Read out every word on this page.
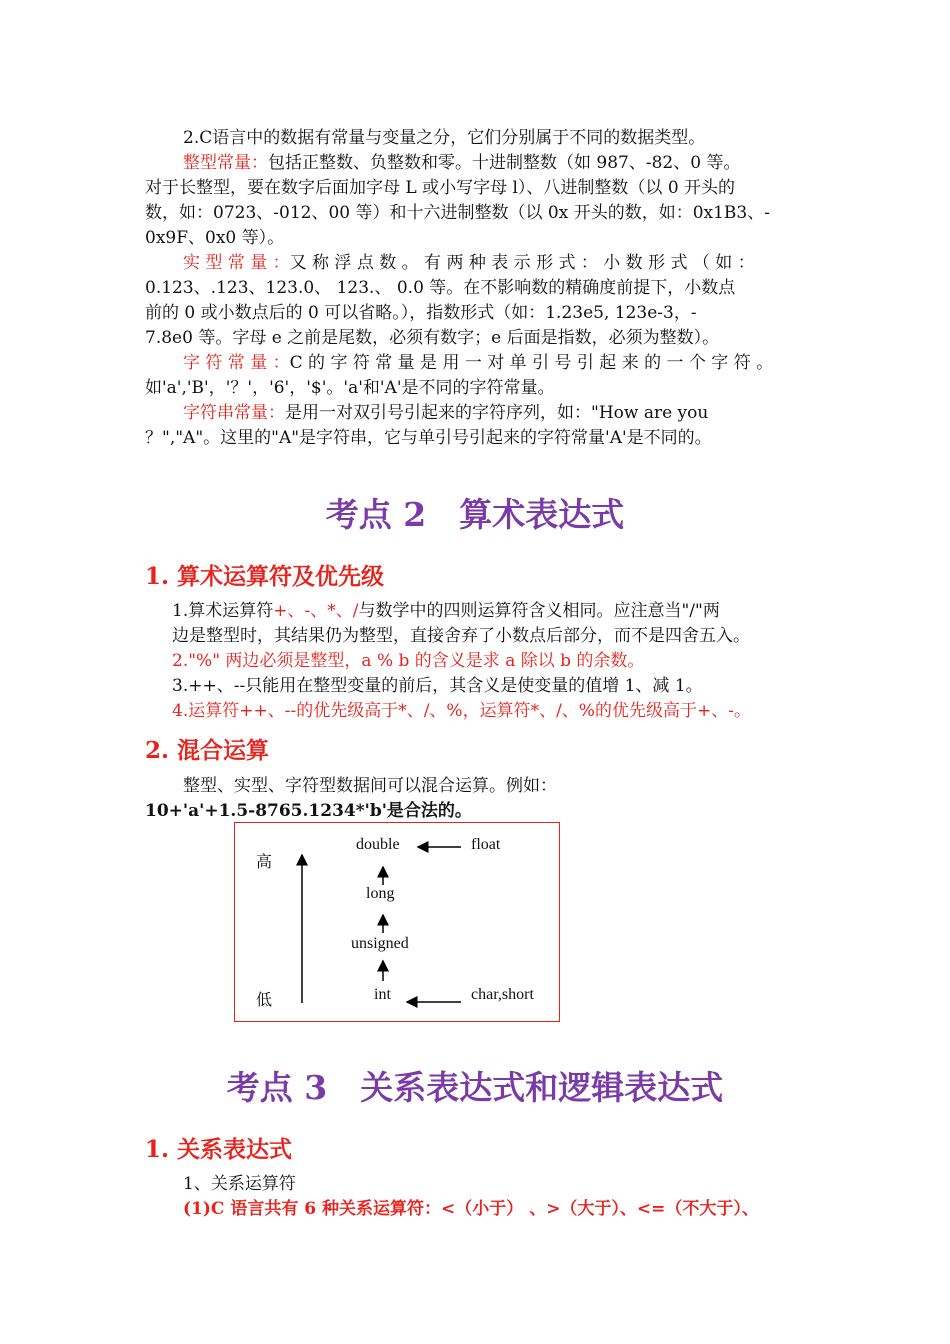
2.C语言中的数据有常量与变量之分，它们分别属于不同的数据类型。
整型常量：包括正整数、负整数和零。十进制整数（如 987、-82、0 等。
对于长整型，要在数字后面加字母 L 或小写字母 l）、八进制整数（以 0 开头的
数，如：0723、-012、00 等）和十六进制整数（以 0x 开头的数，如：0x1B3、-
0x9F、0x0 等）。
实 型 常 量 ：又 称 浮 点 数 。 有 两 种 表 示 形 式 ： 小 数 形 式 （ 如 ：
0.123、.123、123.0、 123.、 0.0 等。在不影响数的精确度前提下，小数点
前的 0 或小数点后的 0 可以省略。），指数形式（如：1.23e5, 123e-3，-
7.8e0 等。字母 e 之前是尾数，必须有数字；e 后面是指数，必须为整数）。
字 符 常 量 ：C 的 字 符 常 量 是 用 一 对 单 引 号 引 起 来 的 一 个 字 符 。
如'a','B'，'？'，'6'，'$'。'a'和'A'是不同的字符常量。
字符串常量：是用一对双引号引起来的字符序列，如："How are you
？","A"。这里的"A"是字符串，它与单引号引起来的字符常量'A'是不同的。
考点 2　算术表达式
1. 算术运算符及优先级
1.算术运算符+、-、*、/与数学中的四则运算符含义相同。应注意当"/"两
边是整型时，其结果仍为整型，直接舍弃了小数点后部分，而不是四舍五入。
2."%" 两边必须是整型，a % b 的含义是求 a 除以 b 的余数。
3.++、--只能用在整型变量的前后，其含义是使变量的值增 1、减 1。
4.运算符++、--的优先级高于*、/、%，运算符*、/、%的优先级高于+、-。
2. 混合运算
整型、实型、字符型数据间可以混合运算。例如：
10+'a'+1.5-8765.1234*'b'是合法的。
高
低
double	float
long
unsigned
int	char,short
考点 3　关系表达式和逻辑表达式
1. 关系表达式
1、关系运算符
(1)C 语言共有 6 种关系运算符：<（小于） 、>（大于）、<=（不大于）、
